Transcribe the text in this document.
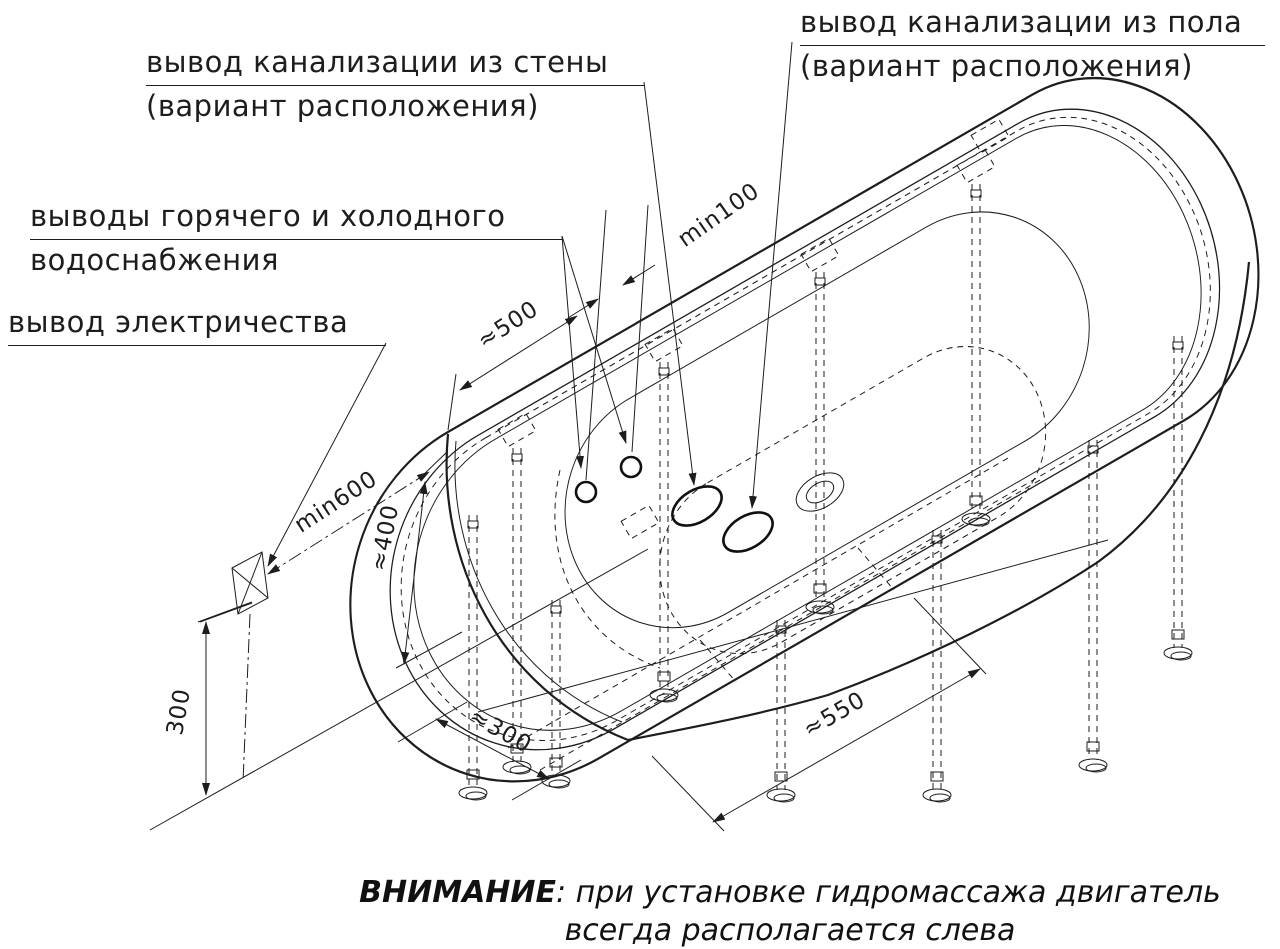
≈500
min100
min600
≈400
300	≈300	≈550
вывод канализации из пола
(вариант расположения)
вывод канализации из стены
(вариант расположения)
выводы горячего и холодного
водоснабжения
вывод электричества
ВНИМАНИЕ: при установке гидромассажа двигатель
всегда располагается слева
